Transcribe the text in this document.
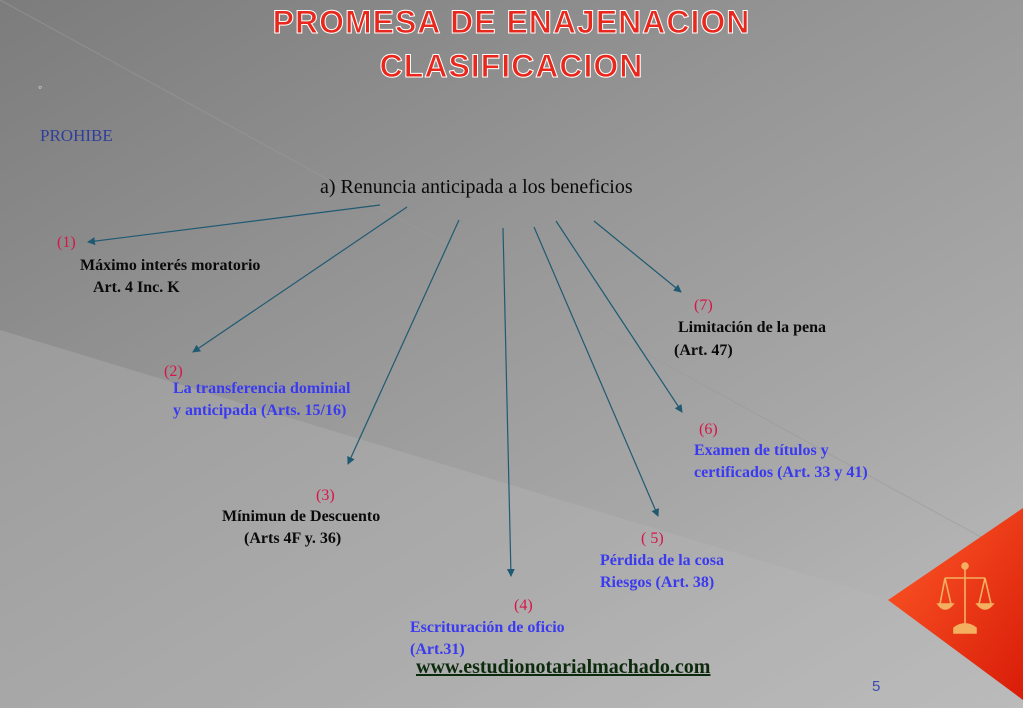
PROMESA DE ENAJENACION
CLASIFICACION
◦
PROHIBE
a) Renuncia anticipada a los beneficios
(1)
Máximo interés moratorio
Art. 4 Inc. K
(2)
La transferencia dominial
y anticipada (Arts. 15/16)
(3)
Mínimun de Descuento
(Arts 4F y. 36)
(4)
Escrituración de oficio
(Art.31)
( 5)
Pérdida de la cosa
Riesgos (Art. 38)
(6)
Examen de títulos y
certificados (Art. 33 y 41)
(7)
Limitación de la pena
(Art. 47)
www.estudionotarialmachado.com
5
